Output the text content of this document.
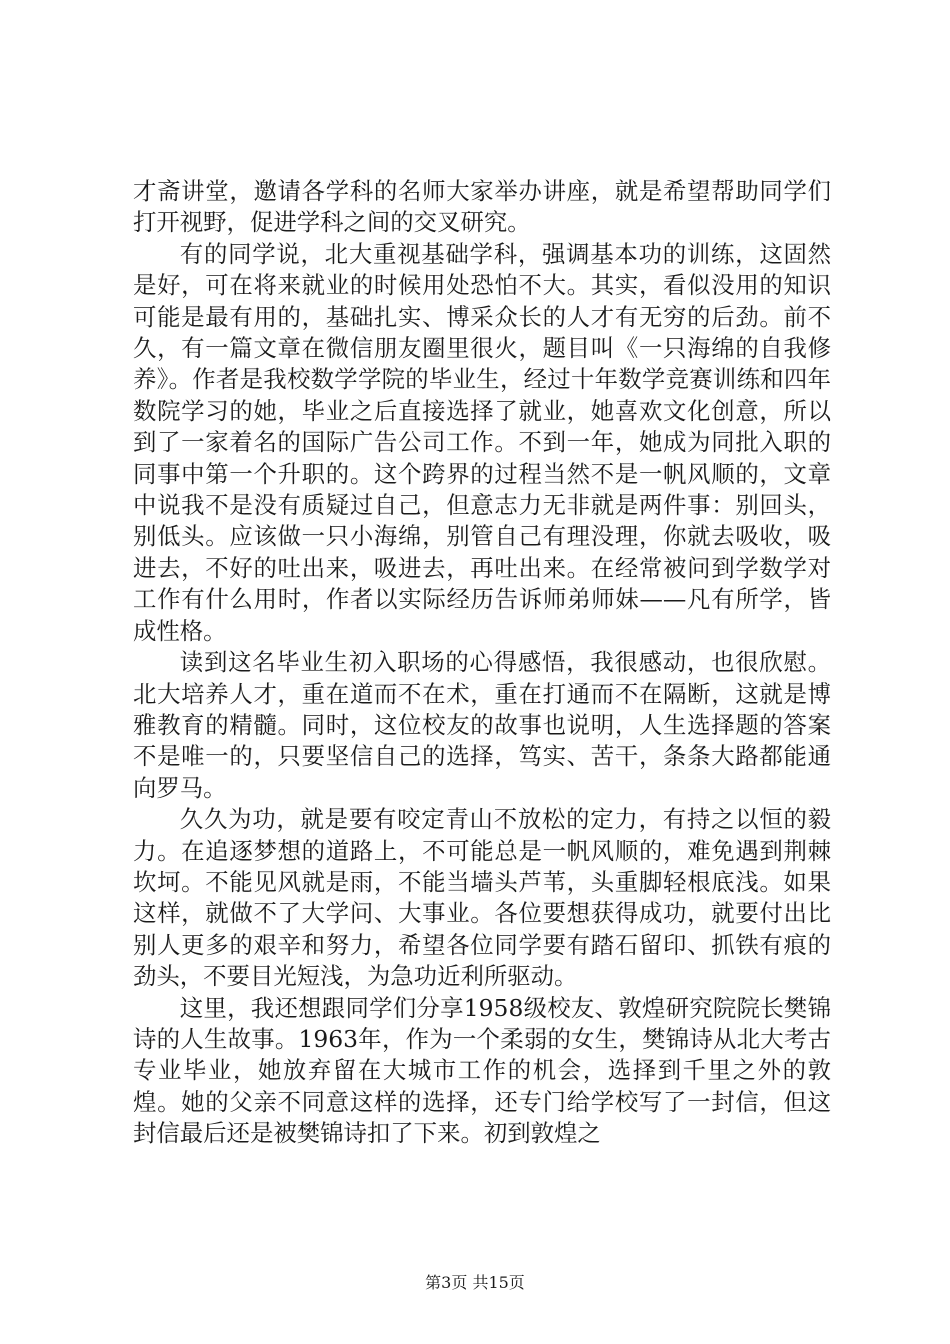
才斋讲堂，邀请各学科的名师大家举办讲座，就是希望帮助同学们打开视野，促进学科之间的交叉研究。

有的同学说，北大重视基础学科，强调基本功的训练，这固然是好，可在将来就业的时候用处恐怕不大。其实，看似没用的知识可能是最有用的，基础扎实、博采众长的人才有无穷的后劲。前不久，有一篇文章在微信朋友圈里很火，题目叫《一只海绵的自我修养》。作者是我校数学学院的毕业生，经过十年数学竞赛训练和四年数院学习的她，毕业之后直接选择了就业，她喜欢文化创意，所以到了一家着名的国际广告公司工作。不到一年，她成为同批入职的同事中第一个升职的。这个跨界的过程当然不是一帆风顺的，文章中说我不是没有质疑过自己，但意志力无非就是两件事：别回头，别低头。应该做一只小海绵，别管自己有理没理，你就去吸收，吸进去，不好的吐出来，吸进去，再吐出来。在经常被问到学数学对工作有什么用时，作者以实际经历告诉师弟师妹——凡有所学，皆成性格。

读到这名毕业生初入职场的心得感悟，我很感动，也很欣慰。北大培养人才，重在道而不在术，重在打通而不在隔断，这就是博雅教育的精髓。同时，这位校友的故事也说明，人生选择题的答案不是唯一的，只要坚信自己的选择，笃实、苦干，条条大路都能通向罗马。

久久为功，就是要有咬定青山不放松的定力，有持之以恒的毅力。在追逐梦想的道路上，不可能总是一帆风顺的，难免遇到荆棘坎坷。不能见风就是雨，不能当墙头芦苇，头重脚轻根底浅。如果这样，就做不了大学问、大事业。各位要想获得成功，就要付出比别人更多的艰辛和努力，希望各位同学要有踏石留印、抓铁有痕的劲头，不要目光短浅，为急功近利所驱动。

这里，我还想跟同学们分享1958级校友、敦煌研究院院长樊锦诗的人生故事。1963年，作为一个柔弱的女生，樊锦诗从北大考古专业毕业，她放弃留在大城市工作的机会，选择到千里之外的敦煌。她的父亲不同意这样的选择，还专门给学校写了一封信，但这封信最后还是被樊锦诗扣了下来。初到敦煌之

第3页 共15页
